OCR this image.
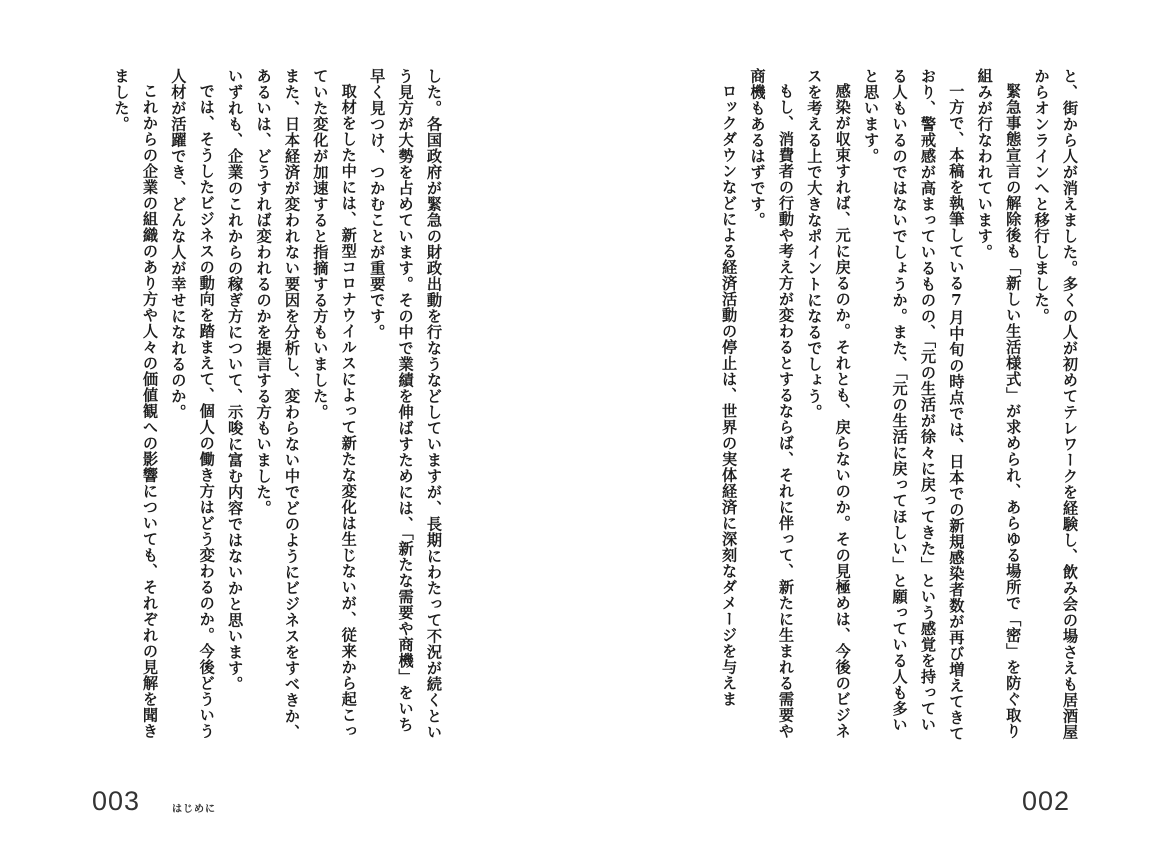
した。各国政府が緊急の財政出動を行なうなどしていますが、長期にわたって不況が続くという見方が大勢を占めています。その中で業績を伸ばすためには、「新たな需要や商機」をいち早く見つけ、つかむことが重要です。

取材をした中には、新型コロナウイルスによって新たな変化は生じないが、従来から起こっていた変化が加速すると指摘する方もいました。

また、日本経済が変われない要因を分析し、変わらない中でどのようにビジネスをすべきか、あるいは、どうすれば変われるのかを提言する方もいました。

いずれも、企業のこれからの稼ぎ方について、示唆に富む内容ではないかと思います。

では、そうしたビジネスの動向を踏まえて、個人の働き方はどう変わるのか。今後どういう人材が活躍でき、どんな人が幸せになれるのか。

これからの企業の組織のあり方や人々の価値観への影響についても、それぞれの見解を聞きました。

003	はじめに

と、街から人が消えました。多くの人が初めてテレワークを経験し、飲み会の場さえも居酒屋からオンラインへと移行しました。

緊急事態宣言の解除後も「新しい生活様式」が求められ、あらゆる場所で「密」を防ぐ取り組みが行なわれています。

一方で、本稿を執筆している7月中旬の時点では、日本での新規感染者数が再び増えてきており、警戒感が高まっているものの、「元の生活が徐々に戻ってきた」という感覚を持っている人もいるのではないでしょうか。また、「元の生活に戻ってほしい」と願っている人も多いと思います。

感染が収束すれば、元に戻るのか。それとも、戻らないのか。その見極めは、今後のビジネスを考える上で大きなポイントになるでしょう。

もし、消費者の行動や考え方が変わるとするならば、それに伴って、新たに生まれる需要や商機もあるはずです。

ロックダウンなどによる経済活動の停止は、世界の実体経済に深刻なダメージを与えま

002
